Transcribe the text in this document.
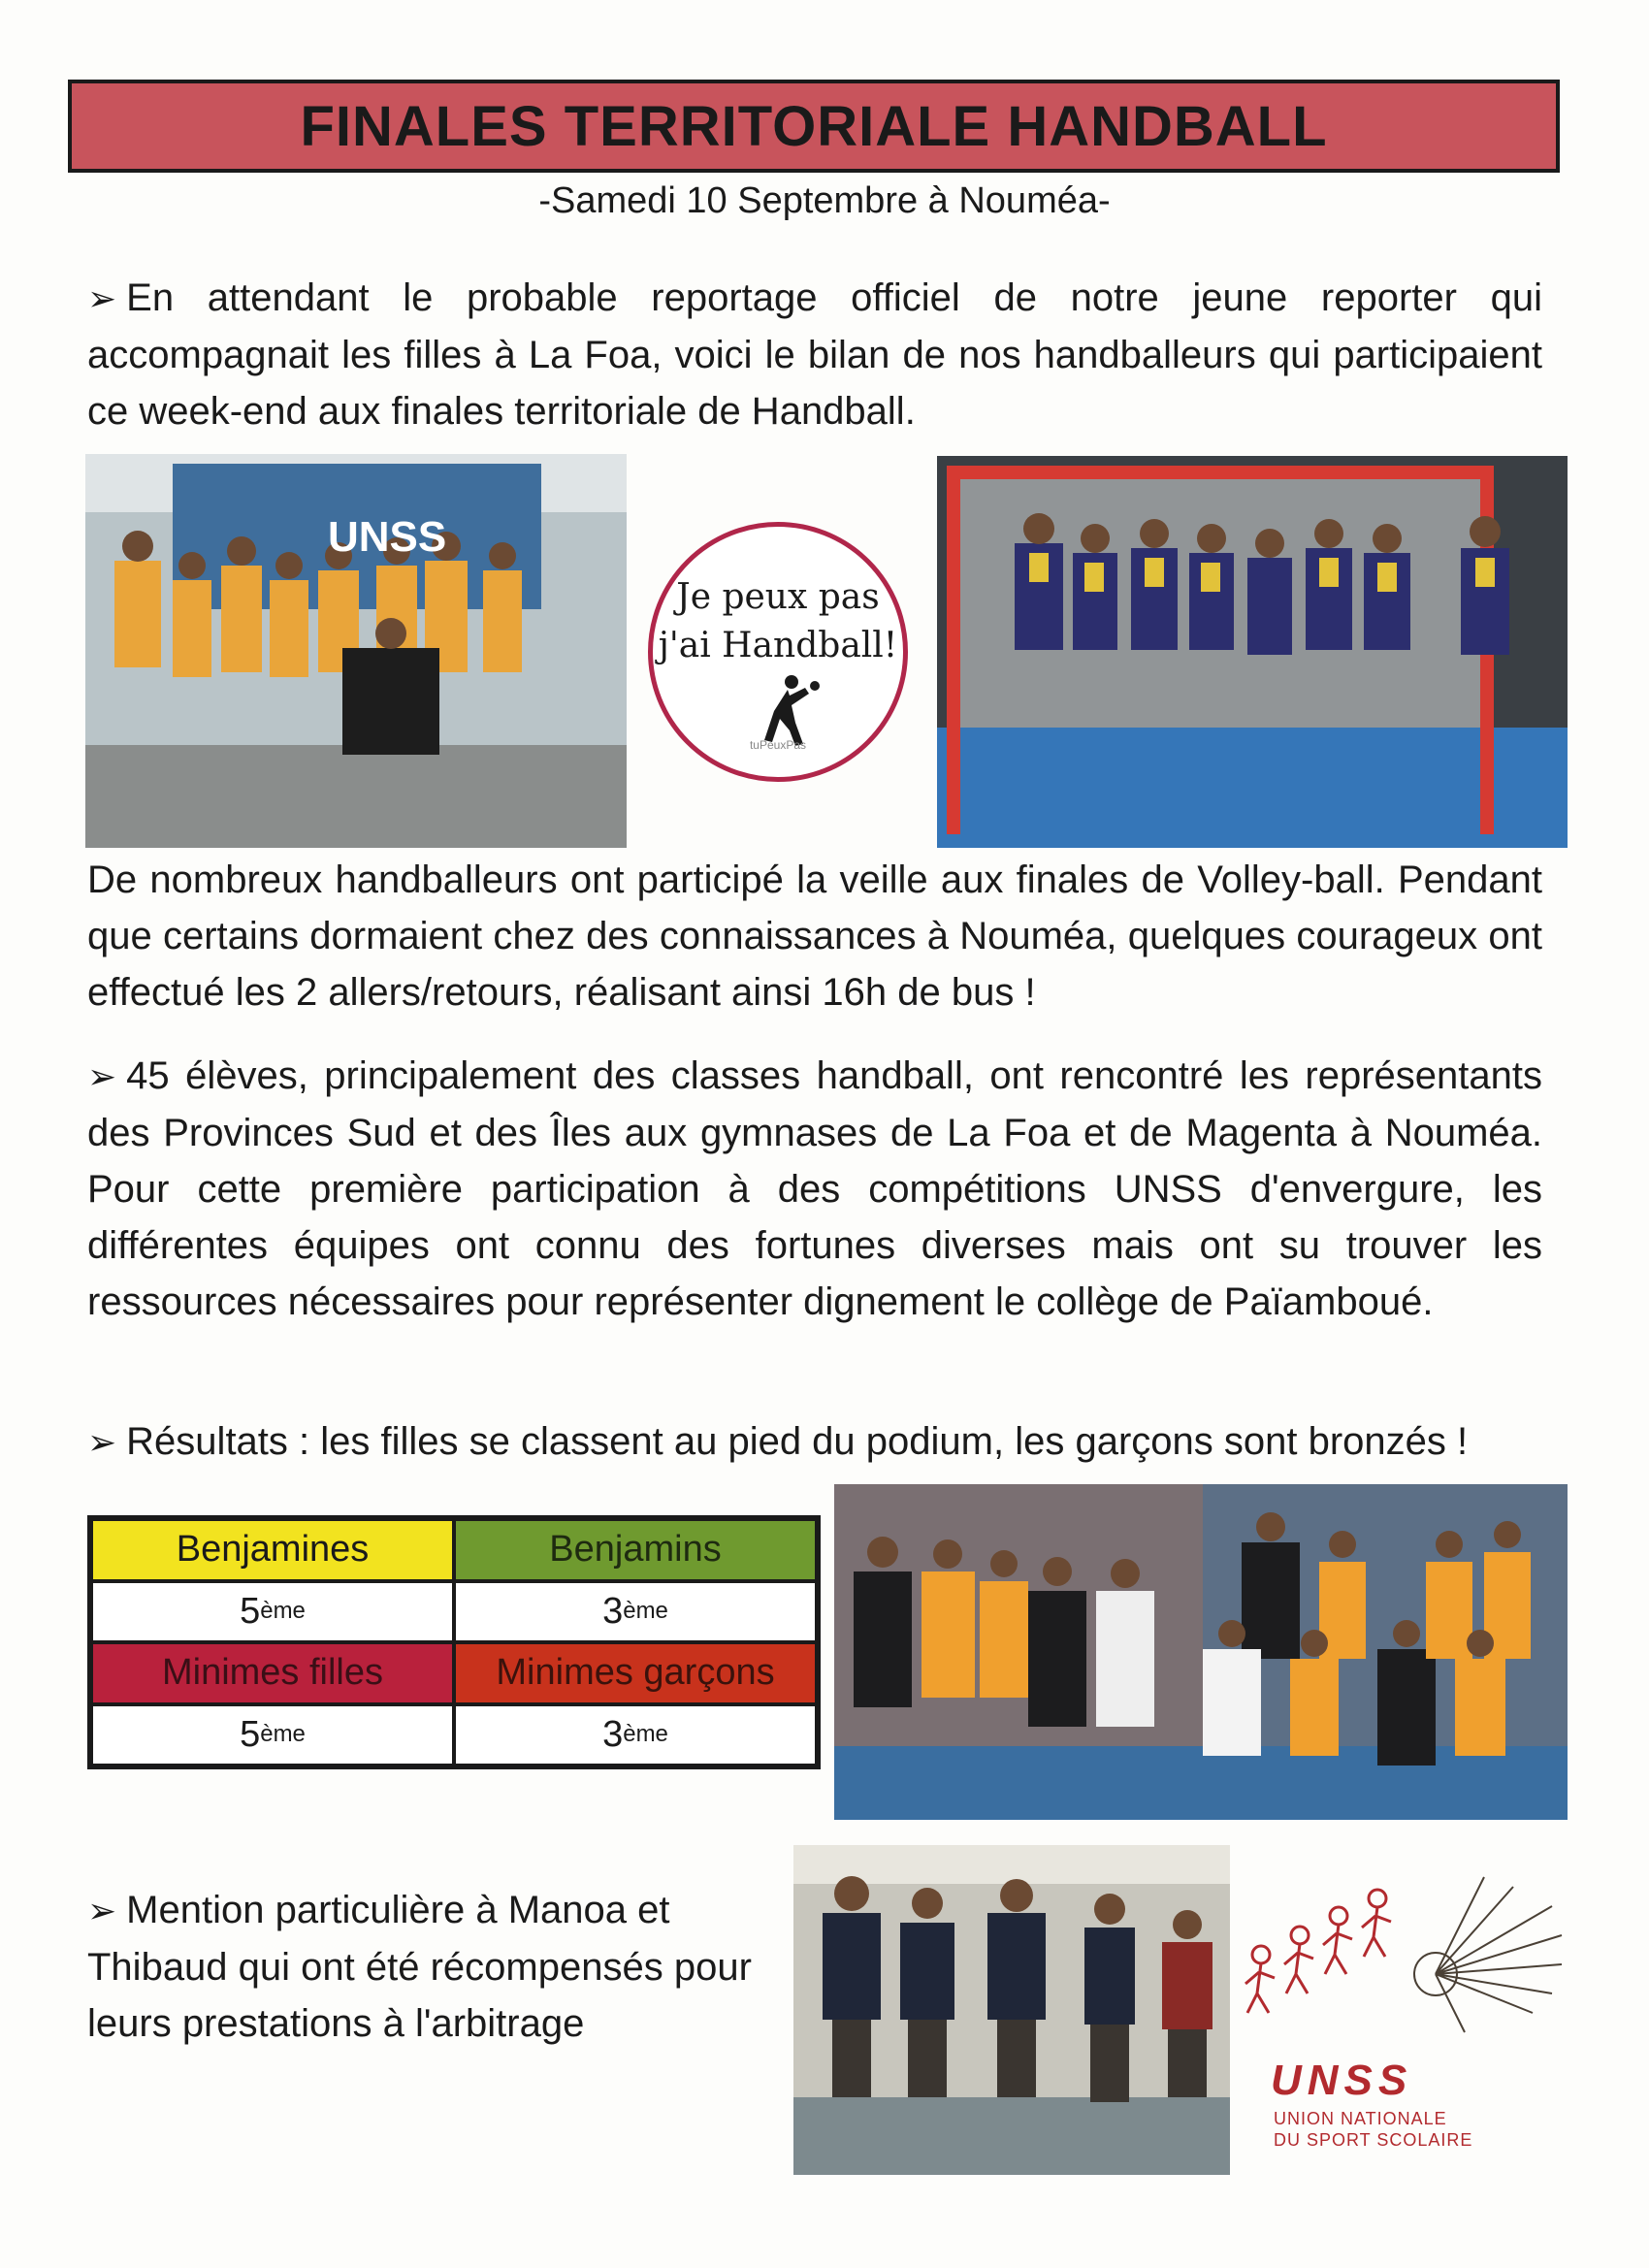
FINALES TERRITORIALE HANDBALL
-Samedi 10 Septembre à Nouméa-

➢ En attendant le probable reportage officiel de notre jeune reporter qui accompagnait les filles à La Foa, voici le bilan de nos handballeurs qui participaient ce week-end aux finales territoriale de Handball.

UNSS
Je peux pas
j'ai Handball!
tuPeuxPas

De nombreux handballeurs ont participé la veille aux finales de Volley-ball. Pendant que certains dormaient chez des connaissances à Nouméa, quelques courageux ont effectué les 2 allers/retours, réalisant ainsi 16h de bus !

➢ 45 élèves, principalement des classes handball, ont rencontré les représentants des Provinces Sud et des Îles aux gymnases de La Foa et de Magenta à Nouméa. Pour cette première participation à des compétitions UNSS d'envergure, les différentes équipes ont connu des fortunes diverses mais ont su trouver les ressources nécessaires pour représenter dignement le collège de Païamboué.

➢ Résultats : les filles se classent au pied du podium, les garçons sont bronzés !

Benjamines	Benjamins
5 ème	3 ème
Minimes filles	Minimes garçons
5 ème	3 ème

➢ Mention particulière à Manoa et Thibaud qui ont été récompensés pour leurs prestations à l'arbitrage

UNSS
UNION NATIONALE
DU SPORT SCOLAIRE
